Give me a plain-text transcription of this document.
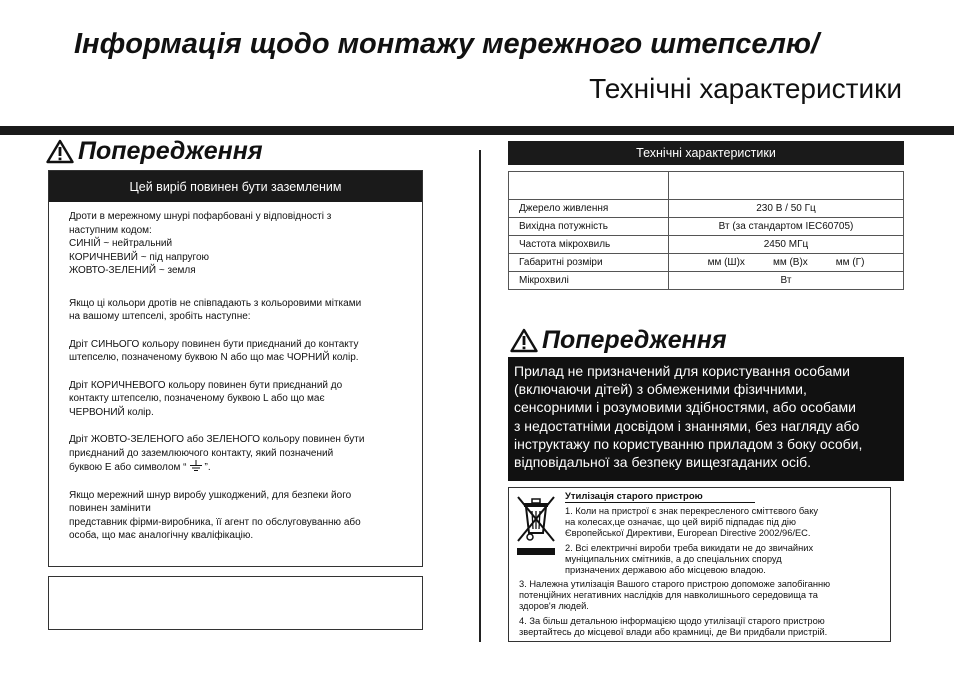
Інформація щодо монтажу мережного штепселю/
Технічні характеристики
Попередження
Цей виріб повинен бути заземленим
Дроти в мережному шнурі пофарбовані у відповідності з
наступним кодом:
СИНІЙ ~ нейтральний
КОРИЧНЕВИЙ ~ під напругою
ЖОВТО-ЗЕЛЕНИЙ ~ земля
Якщо ці кольори дротів не співпадають з кольоровими мітками
на вашому штепселі, зробіть наступне:
Дріт СИНЬОГО кольору повинен бути приєднаний до контакту
штепселю, позначеному буквою N або що має ЧОРНИЙ колір.
Дріт КОРИЧНЕВОГО кольору повинен бути приєднаний до
контакту штепселю, позначеному буквою L або що має
ЧЕРВОНИЙ колір.
Дріт ЖОВТО-ЗЕЛЕНОГО або ЗЕЛЕНОГО кольору повинен бути
приєднаний до заземлюючого контакту, який позначений
буквою E або символом “ ”.
Якщо мережний шнур виробу ушкоджений, для безпеки його
повинен замінити
представник фірми-виробника, її агент по обслуговуванню або
особа, що має аналогічну кваліфікацію.
Технічні характеристики

Джерело живлення	230 В / 50 Гц
Вихідна потужність	Вт (за стандартом IEC60705)
Частота мікрохвиль	2450 МГц
Габаритні розміри	мм (Ш)x мм (В)x мм (Г)
Мікрохвилі	Вт
Попередження
Прилад не призначений для користування особами
(включаючи дітей) з обмеженими фізичними,
сенсорними і розумовими здібностями, або особами
з недостатніми досвідом і знаннями, без нагляду або
інструктажу по користуванню приладом з боку особи,
відповідальної за безпеку вищезгаданих осіб.
Утилізація старого пристрою
1. Коли на пристрої є знак перекресленого сміттєвого баку
на колесах,це означає, що цей виріб підпадає під дію
Європейської Директиви, European Directive 2002/96/EC.
2. Всі електричні вироби треба викидати не до звичайних
муніципальних смітників, а до спеціальних споруд
призначених державою або місцевою владою.
3. Належна утилізація Вашого старого пристрою допоможе запобіганню
потенційних негативних наслідків для навколишнього середовища та
здоров'я людей.
4. За більш детальною інформацією щодо утилізації старого пристрою
звертайтесь до місцевої влади або крамниці, де Ви придбали пристрій.
